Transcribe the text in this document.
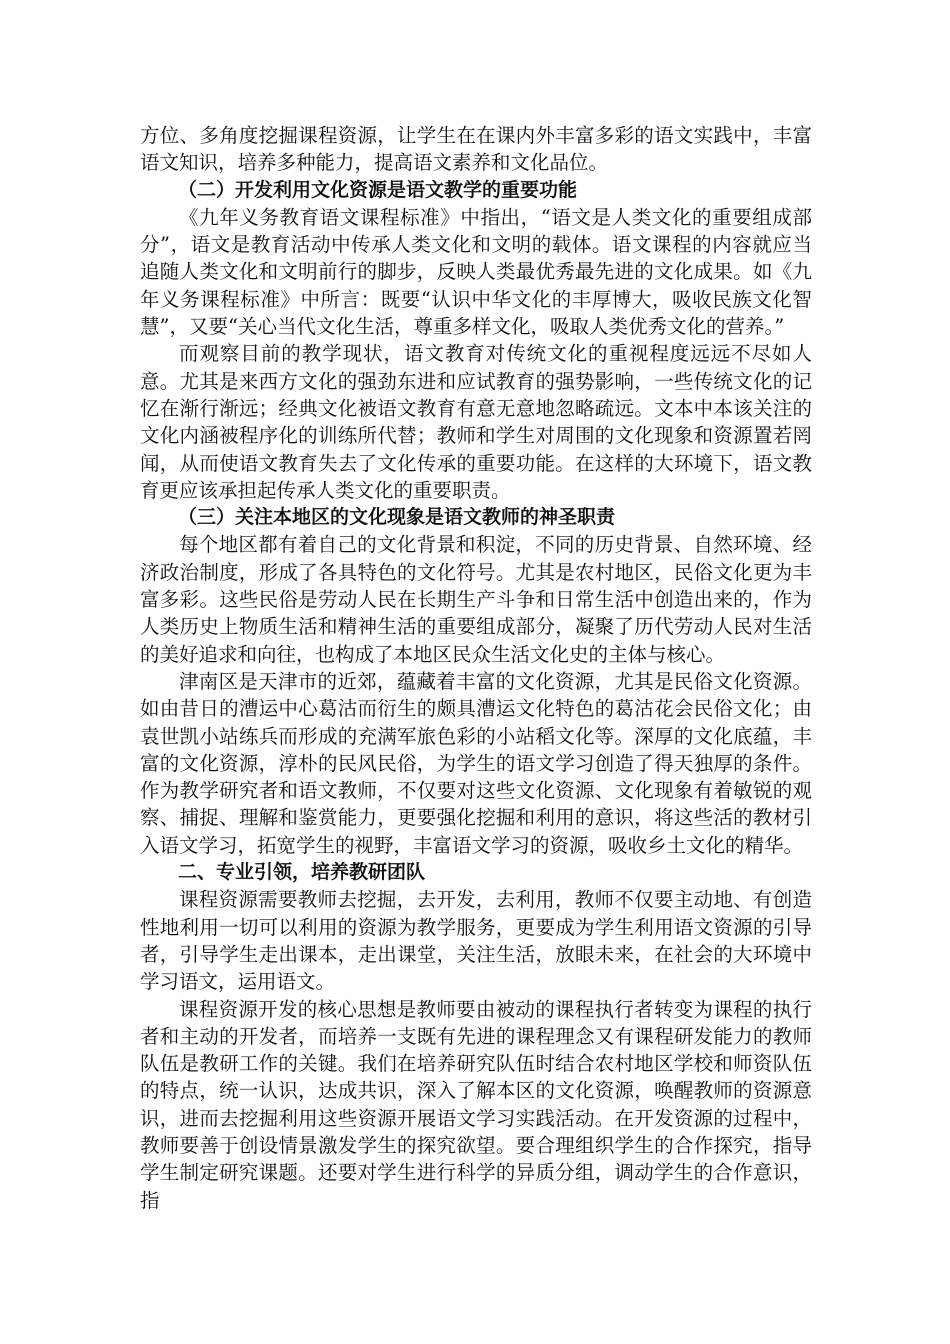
方位、多角度挖掘课程资源，让学生在在课内外丰富多彩的语文实践中，丰富语文知识，培养多种能力，提高语文素养和文化品位。

（二）开发利用文化资源是语文教学的重要功能

《九年义务教育语文课程标准》中指出，“语文是人类文化的重要组成部分”，语文是教育活动中传承人类文化和文明的载体。语文课程的内容就应当追随人类文化和文明前行的脚步，反映人类最优秀最先进的文化成果。如《九年义务课程标准》中所言：既要“认识中华文化的丰厚博大，吸收民族文化智慧”，又要“关心当代文化生活，尊重多样文化，吸取人类优秀文化的营养。”

而观察目前的教学现状，语文教育对传统文化的重视程度远远不尽如人意。尤其是来西方文化的强劲东进和应试教育的强势影响，一些传统文化的记忆在渐行渐远；经典文化被语文教育有意无意地忽略疏远。文本中本该关注的文化内涵被程序化的训练所代替；教师和学生对周围的文化现象和资源置若罔闻，从而使语文教育失去了文化传承的重要功能。在这样的大环境下，语文教育更应该承担起传承人类文化的重要职责。

（三）关注本地区的文化现象是语文教师的神圣职责

每个地区都有着自己的文化背景和积淀，不同的历史背景、自然环境、经济政治制度，形成了各具特色的文化符号。尤其是农村地区，民俗文化更为丰富多彩。这些民俗是劳动人民在长期生产斗争和日常生活中创造出来的，作为人类历史上物质生活和精神生活的重要组成部分，凝聚了历代劳动人民对生活的美好追求和向往，也构成了本地区民众生活文化史的主体与核心。

津南区是天津市的近郊，蕴藏着丰富的文化资源，尤其是民俗文化资源。如由昔日的漕运中心葛沽而衍生的颇具漕运文化特色的葛沽花会民俗文化；由袁世凯小站练兵而形成的充满军旅色彩的小站稻文化等。深厚的文化底蕴，丰富的文化资源，淳朴的民风民俗，为学生的语文学习创造了得天独厚的条件。作为教学研究者和语文教师，不仅要对这些文化资源、文化现象有着敏锐的观察、捕捉、理解和鉴赏能力，更要强化挖掘和利用的意识，将这些活的教材引入语文学习，拓宽学生的视野，丰富语文学习的资源，吸收乡土文化的精华。

二、专业引领，培养教研团队

课程资源需要教师去挖掘，去开发，去利用，教师不仅要主动地、有创造性地利用一切可以利用的资源为教学服务，更要成为学生利用语文资源的引导者，引导学生走出课本，走出课堂，关注生活，放眼未来，在社会的大环境中学习语文，运用语文。

课程资源开发的核心思想是教师要由被动的课程执行者转变为课程的执行者和主动的开发者，而培养一支既有先进的课程理念又有课程研发能力的教师队伍是教研工作的关键。我们在培养研究队伍时结合农村地区学校和师资队伍的特点，统一认识，达成共识，深入了解本区的文化资源，唤醒教师的资源意识，进而去挖掘利用这些资源开展语文学习实践活动。在开发资源的过程中，教师要善于创设情景激发学生的探究欲望。要合理组织学生的合作探究，指导学生制定研究课题。还要对学生进行科学的异质分组，调动学生的合作意识，指
